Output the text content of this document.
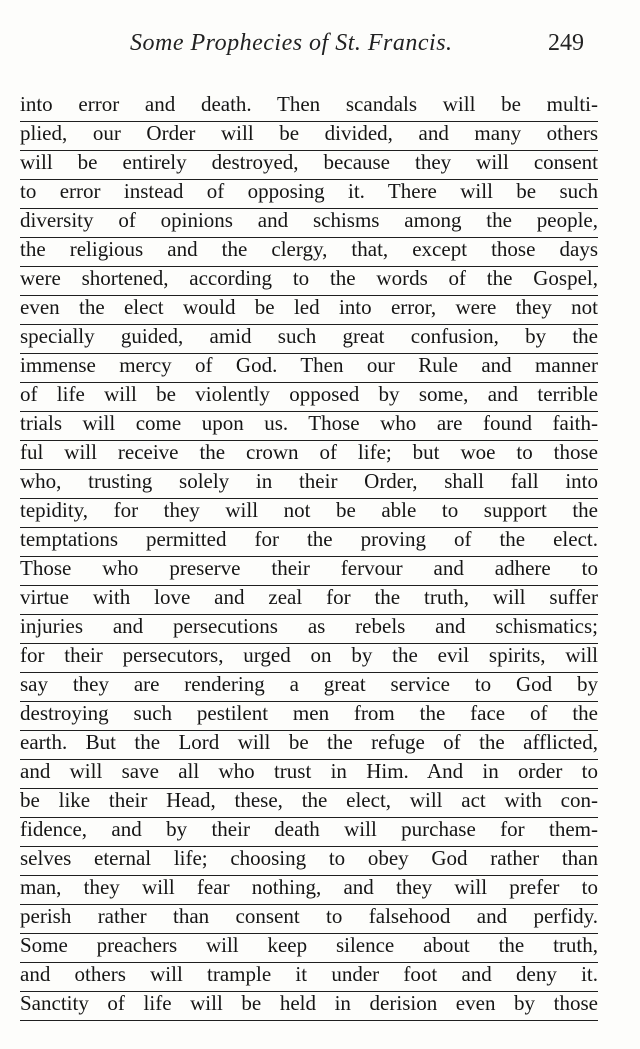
Some Prophecies of St. Francis.	249
into error and death. Then scandals will be multi-
plied, our Order will be divided, and many others
will be entirely destroyed, because they will consent
to error instead of opposing it. There will be such
diversity of opinions and schisms among the people,
the religious and the clergy, that, except those days
were shortened, according to the words of the Gospel,
even the elect would be led into error, were they not
specially guided, amid such great confusion, by the
immense mercy of God. Then our Rule and manner
of life will be violently opposed by some, and terrible
trials will come upon us. Those who are found faith-
ful will receive the crown of life; but woe to those
who, trusting solely in their Order, shall fall into
tepidity, for they will not be able to support the
temptations permitted for the proving of the elect.
Those who preserve their fervour and adhere to
virtue with love and zeal for the truth, will suffer
injuries and persecutions as rebels and schismatics;
for their persecutors, urged on by the evil spirits, will
say they are rendering a great service to God by
destroying such pestilent men from the face of the
earth. But the Lord will be the refuge of the afflicted,
and will save all who trust in Him. And in order to
be like their Head, these, the elect, will act with con-
fidence, and by their death will purchase for them-
selves eternal life; choosing to obey God rather than
man, they will fear nothing, and they will prefer to
perish rather than consent to falsehood and perfidy.
Some preachers will keep silence about the truth,
and others will trample it under foot and deny it.
Sanctity of life will be held in derision even by those
